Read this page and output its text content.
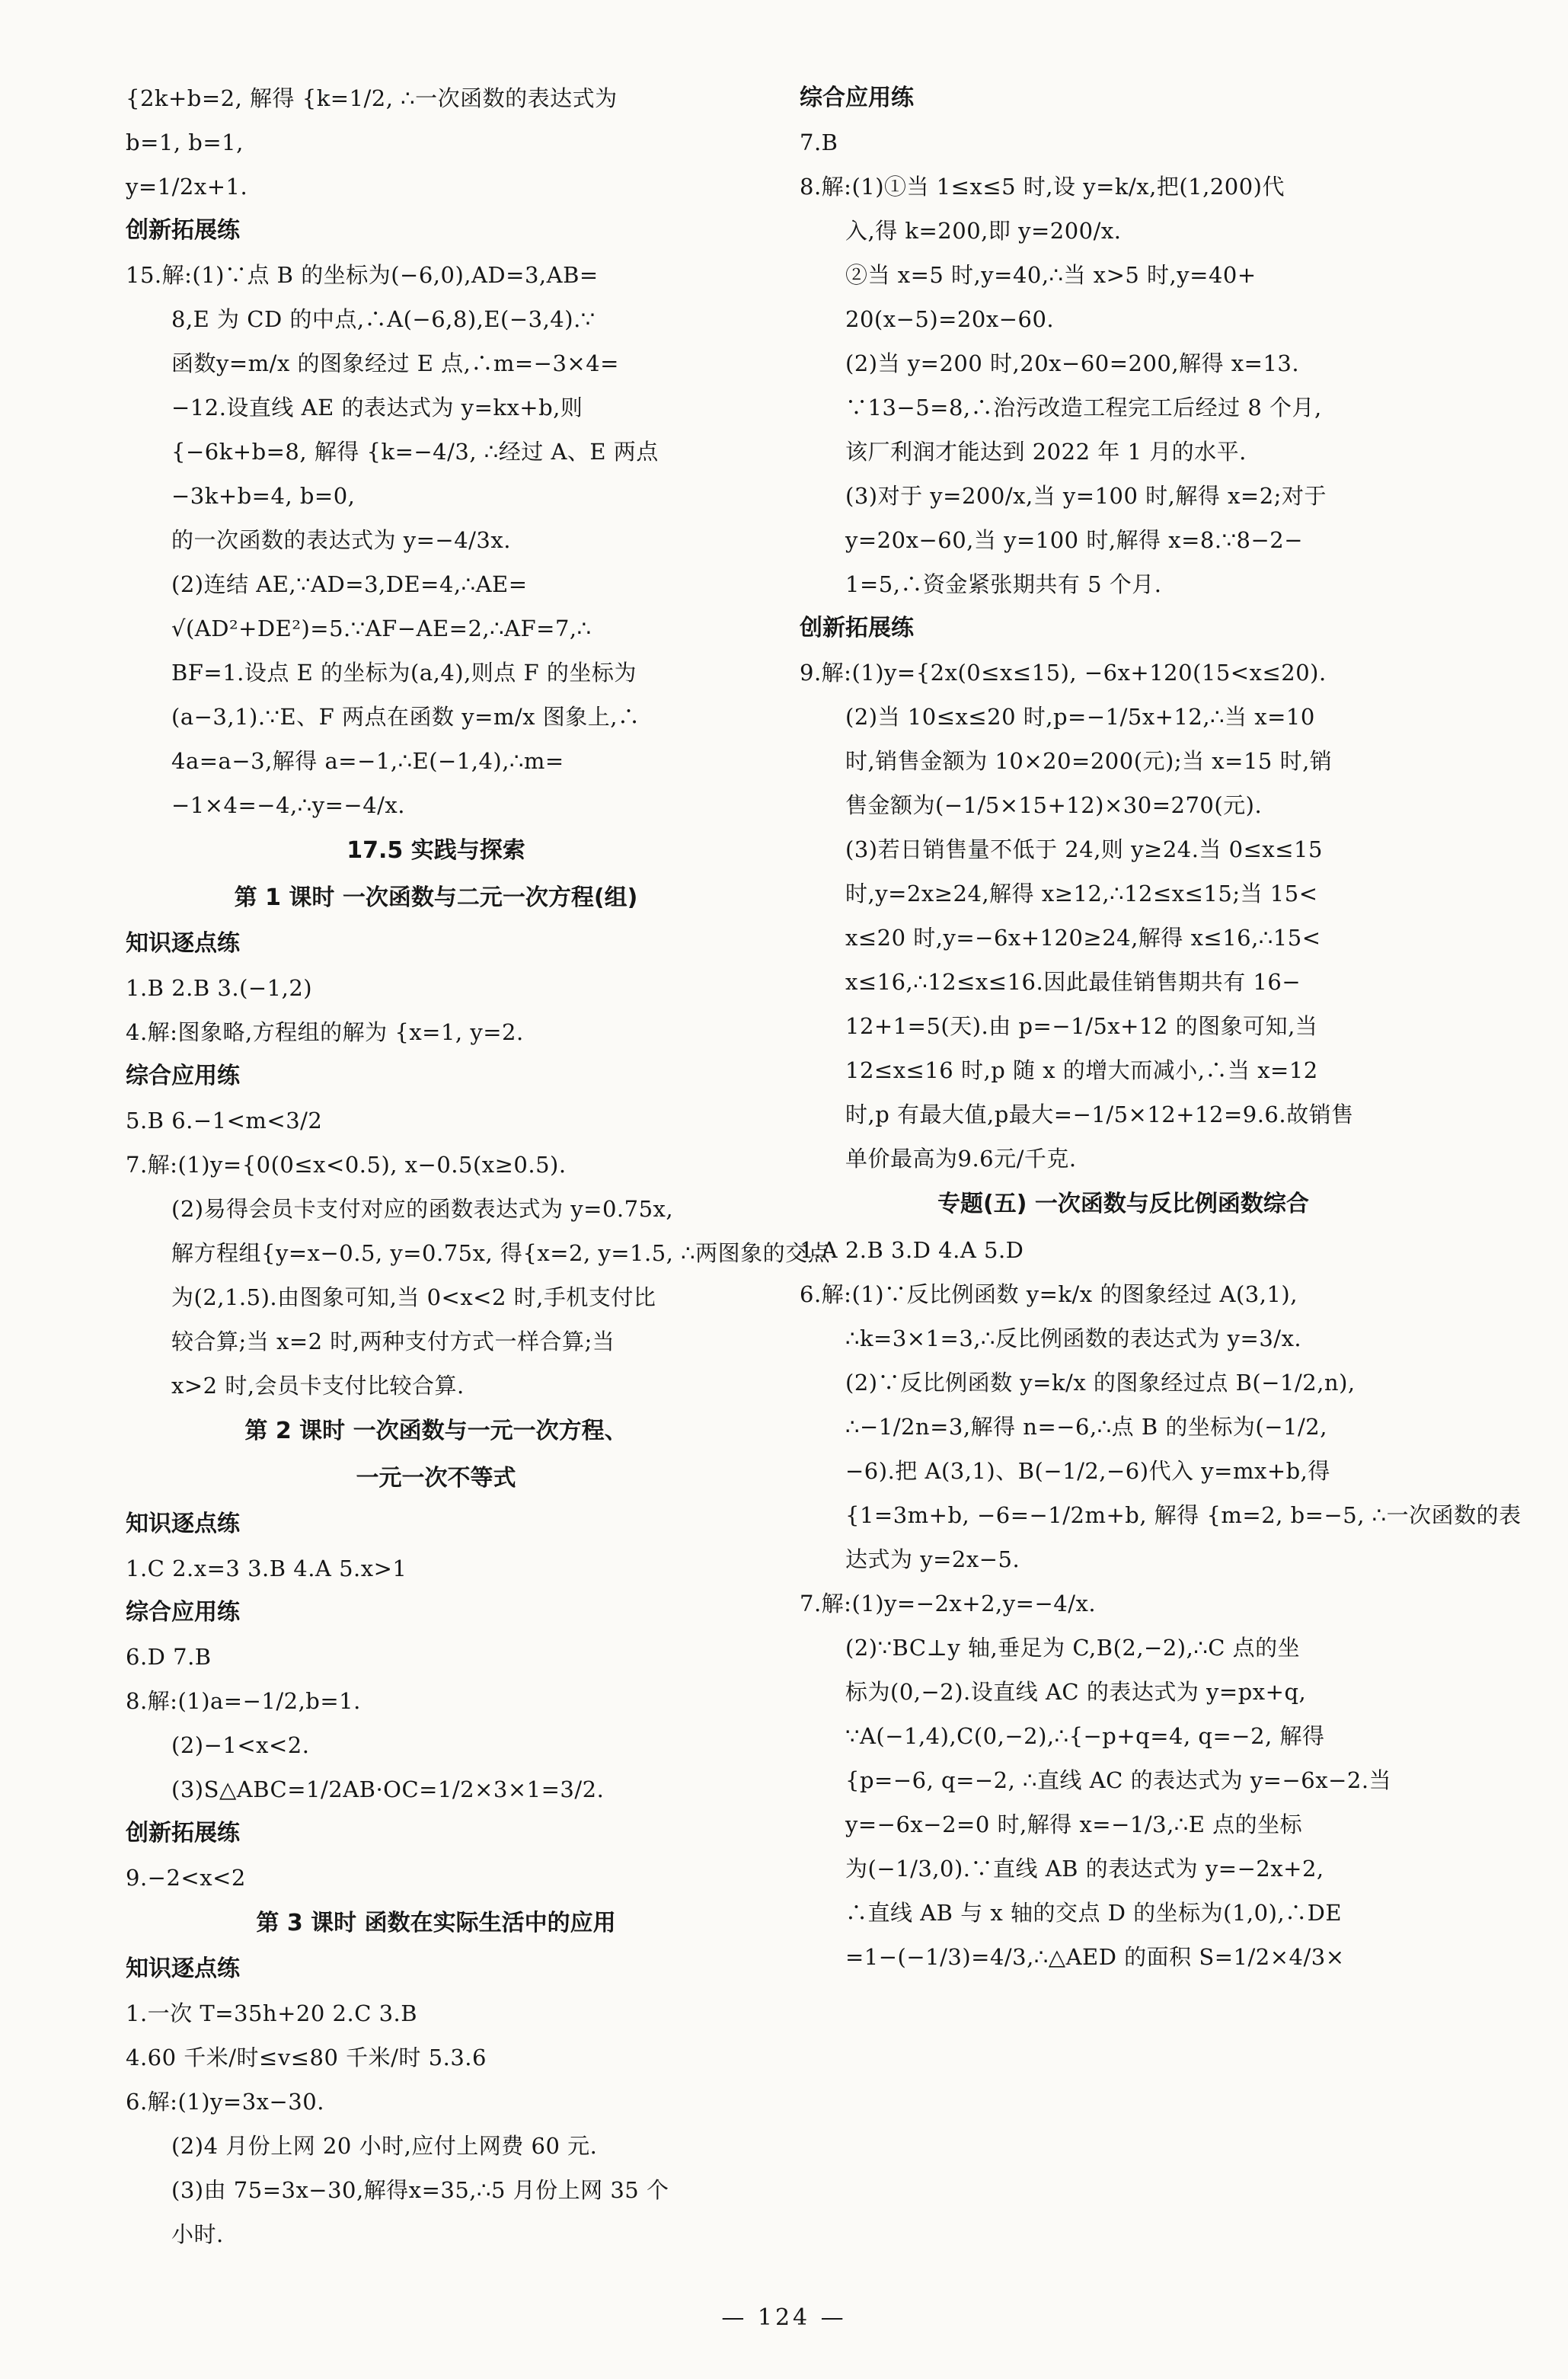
{2k+b=2, 解得 {k=1/2, ∴一次函数的表达式为
b=1, b=1,
y=1/2x+1.
创新拓展练
15.解:(1)∵点 B 的坐标为(−6,0),AD=3,AB=
8,E 为 CD 的中点,∴A(−6,8),E(−3,4).∵
函数y=m/x 的图象经过 E 点,∴m=−3×4=
−12.设直线 AE 的表达式为 y=kx+b,则
{−6k+b=8, 解得 {k=−4/3, ∴经过 A、E 两点
−3k+b=4, b=0,
的一次函数的表达式为 y=−4/3x.
(2)连结 AE,∵AD=3,DE=4,∴AE=
√(AD²+DE²)=5.∵AF−AE=2,∴AF=7,∴
BF=1.设点 E 的坐标为(a,4),则点 F 的坐标为
(a−3,1).∵E、F 两点在函数 y=m/x 图象上,∴
4a=a−3,解得 a=−1,∴E(−1,4),∴m=
−1×4=−4,∴y=−4/x.
17.5 实践与探索
第 1 课时 一次函数与二元一次方程(组)
知识逐点练
1.B 2.B 3.(−1,2)
4.解:图象略,方程组的解为 {x=1, y=2.
综合应用练
5.B 6.−1<m<3/2
7.解:(1)y={0(0≤x<0.5), x−0.5(x≥0.5).
(2)易得会员卡支付对应的函数表达式为 y=0.75x,
解方程组{y=x−0.5, y=0.75x, 得{x=2, y=1.5, ∴两图象的交点
为(2,1.5).由图象可知,当 0<x<2 时,手机支付比
较合算;当 x=2 时,两种支付方式一样合算;当
x>2 时,会员卡支付比较合算.
第 2 课时 一次函数与一元一次方程、
一元一次不等式
知识逐点练
1.C 2.x=3 3.B 4.A 5.x>1
综合应用练
6.D 7.B
8.解:(1)a=−1/2,b=1.
(2)−1<x<2.
(3)S△ABC=1/2AB·OC=1/2×3×1=3/2.
创新拓展练
9.−2<x<2
第 3 课时 函数在实际生活中的应用
知识逐点练
1.一次 T=35h+20 2.C 3.B
4.60 千米/时≤v≤80 千米/时 5.3.6
6.解:(1)y=3x−30.
(2)4 月份上网 20 小时,应付上网费 60 元.
(3)由 75=3x−30,解得x=35,∴5 月份上网 35 个
小时.
综合应用练
7.B
8.解:(1)①当 1≤x≤5 时,设 y=k/x,把(1,200)代
入,得 k=200,即 y=200/x.
②当 x=5 时,y=40,∴当 x>5 时,y=40+
20(x−5)=20x−60.
(2)当 y=200 时,20x−60=200,解得 x=13.
∵13−5=8,∴治污改造工程完工后经过 8 个月,
该厂利润才能达到 2022 年 1 月的水平.
(3)对于 y=200/x,当 y=100 时,解得 x=2;对于
y=20x−60,当 y=100 时,解得 x=8.∵8−2−
1=5,∴资金紧张期共有 5 个月.
创新拓展练
9.解:(1)y={2x(0≤x≤15), −6x+120(15<x≤20).
(2)当 10≤x≤20 时,p=−1/5x+12,∴当 x=10
时,销售金额为 10×20=200(元);当 x=15 时,销
售金额为(−1/5×15+12)×30=270(元).
(3)若日销售量不低于 24,则 y≥24.当 0≤x≤15
时,y=2x≥24,解得 x≥12,∴12≤x≤15;当 15<
x≤20 时,y=−6x+120≥24,解得 x≤16,∴15<
x≤16,∴12≤x≤16.因此最佳销售期共有 16−
12+1=5(天).由 p=−1/5x+12 的图象可知,当
12≤x≤16 时,p 随 x 的增大而减小,∴当 x=12
时,p 有最大值,p最大=−1/5×12+12=9.6.故销售
单价最高为9.6元/千克.
专题(五) 一次函数与反比例函数综合
1.A 2.B 3.D 4.A 5.D
6.解:(1)∵反比例函数 y=k/x 的图象经过 A(3,1),
∴k=3×1=3,∴反比例函数的表达式为 y=3/x.
(2)∵反比例函数 y=k/x 的图象经过点 B(−1/2,n),
∴−1/2n=3,解得 n=−6,∴点 B 的坐标为(−1/2,
−6).把 A(3,1)、B(−1/2,−6)代入 y=mx+b,得
{1=3m+b, −6=−1/2m+b, 解得 {m=2, b=−5, ∴一次函数的表
达式为 y=2x−5.
7.解:(1)y=−2x+2,y=−4/x.
(2)∵BC⊥y 轴,垂足为 C,B(2,−2),∴C 点的坐
标为(0,−2).设直线 AC 的表达式为 y=px+q,
∵A(−1,4),C(0,−2),∴{−p+q=4, q=−2, 解得
{p=−6, q=−2, ∴直线 AC 的表达式为 y=−6x−2.当
y=−6x−2=0 时,解得 x=−1/3,∴E 点的坐标
为(−1/3,0).∵直线 AB 的表达式为 y=−2x+2,
∴直线 AB 与 x 轴的交点 D 的坐标为(1,0),∴DE
=1−(−1/3)=4/3,∴△AED 的面积 S=1/2×4/3×
— 124 —
